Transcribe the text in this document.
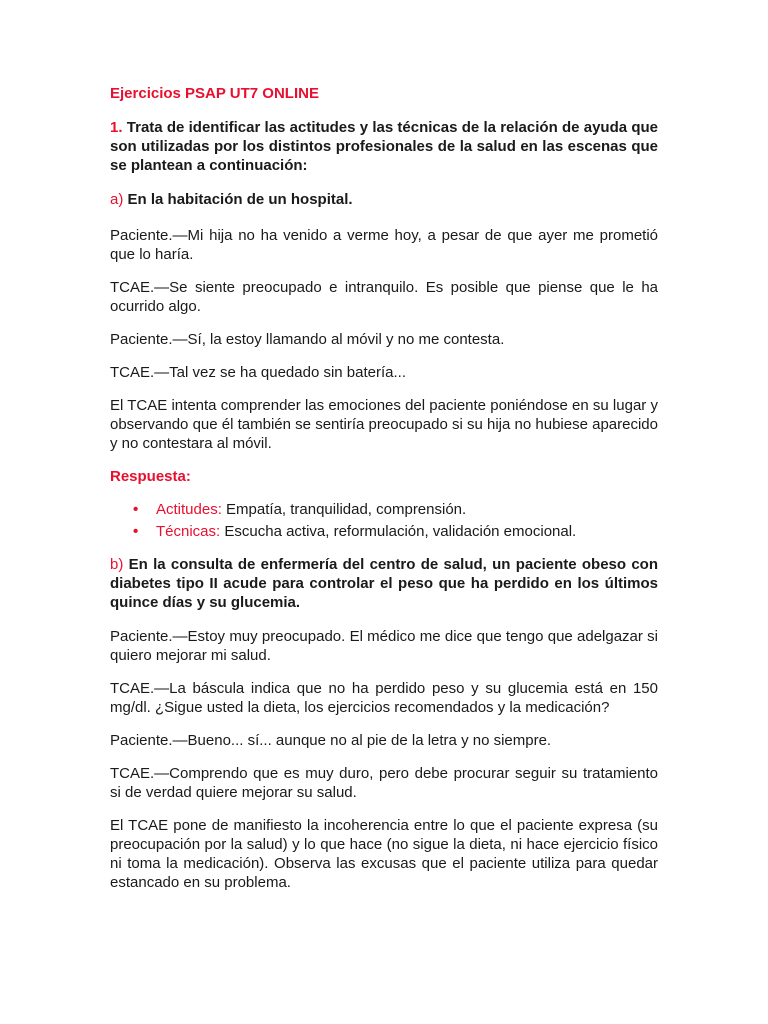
Ejercicios PSAP UT7 ONLINE

1. Trata de identificar las actitudes y las técnicas de la relación de ayuda que son utilizadas por los distintos profesionales de la salud en las escenas que se plantean a continuación:

a) En la habitación de un hospital.

Paciente.—Mi hija no ha venido a verme hoy, a pesar de que ayer me prometió que lo haría.

TCAE.—Se siente preocupado e intranquilo. Es posible que piense que le ha ocurrido algo.

Paciente.—Sí, la estoy llamando al móvil y no me contesta.

TCAE.—Tal vez se ha quedado sin batería...

El TCAE intenta comprender las emociones del paciente poniéndose en su lugar y observando que él también se sentiría preocupado si su hija no hubiese aparecido y no contestara al móvil.

Respuesta:
• Actitudes: Empatía, tranquilidad, comprensión.
• Técnicas: Escucha activa, reformulación, validación emocional.

b) En la consulta de enfermería del centro de salud, un paciente obeso con diabetes tipo II acude para controlar el peso que ha perdido en los últimos quince días y su glucemia.

Paciente.—Estoy muy preocupado. El médico me dice que tengo que adelgazar si quiero mejorar mi salud.

TCAE.—La báscula indica que no ha perdido peso y su glucemia está en 150 mg/dl. ¿Sigue usted la dieta, los ejercicios recomendados y la medicación?

Paciente.—Bueno... sí... aunque no al pie de la letra y no siempre.

TCAE.—Comprendo que es muy duro, pero debe procurar seguir su tratamiento si de verdad quiere mejorar su salud.

El TCAE pone de manifiesto la incoherencia entre lo que el paciente expresa (su preocupación por la salud) y lo que hace (no sigue la dieta, ni hace ejercicio físico ni toma la medicación). Observa las excusas que el paciente utiliza para quedar estancado en su problema.
